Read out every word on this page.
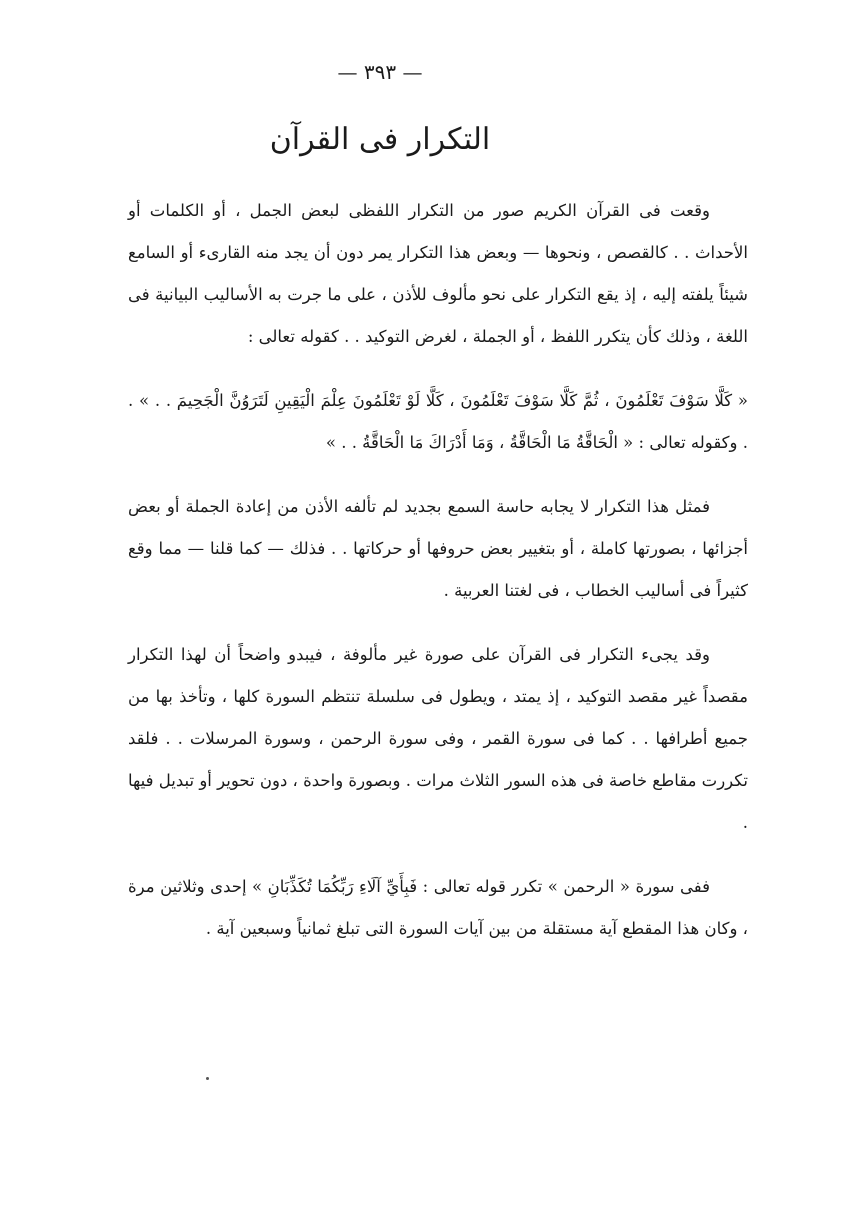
— ٣٩٣ —
التكرار فى القرآن

وقعت فى القرآن الكريم صور من التكرار اللفظى لبعض الجمل ، أو الكلمات أو الأحداث . . كالقصص ، ونحوها — وبعض هذا التكرار يمر دون أن يجد منه القارىء أو السامع شيئاً يلفته إليه ، إذ يقع التكرار على نحو مألوف للأذن ، على ما جرت به الأساليب البيانية فى اللغة ، وذلك كأن يتكرر اللفظ ، أو الجملة ، لغرض التوكيد . . كقوله تعالى :

« كَلَّا سَوْفَ تَعْلَمُونَ ، ثُمَّ كَلَّا سَوْفَ تَعْلَمُونَ ، كَلَّا لَوْ تَعْلَمُونَ عِلْمَ الْيَقِينِ لَتَرَوُنَّ الْجَحِيمَ . . » . . وكقوله تعالى : « الْحَاقَّةُ مَا الْحَاقَّةُ ، وَمَا أَدْرَاكَ مَا الْحَاقَّةُ . . »

فمثل هذا التكرار لا يجابه حاسة السمع بجديد لم تألفه الأذن من إعادة الجملة أو بعض أجزائها ، بصورتها كاملة ، أو بتغيير بعض حروفها أو حركاتها . . فذلك — كما قلنا — مما وقع كثيراً فى أساليب الخطاب ، فى لغتنا العربية .

وقد يجىء التكرار فى القرآن على صورة غير مألوفة ، فيبدو واضحاً أن لهذا التكرار مقصداً غير مقصد التوكيد ، إذ يمتد ، ويطول فى سلسلة تنتظم السورة كلها ، وتأخذ بها من جميع أطرافها . . كما فى سورة القمر ، وفى سورة الرحمن ، وسورة المرسلات . . فلقد تكررت مقاطع خاصة فى هذه السور الثلاث مرات . وبصورة واحدة ، دون تحوير أو تبديل فيها .

ففى سورة « الرحمن » تكرر قوله تعالى : فَبِأَيِّ آلَاءِ رَبِّكُمَا تُكَذِّبَانِ » إحدى وثلاثين مرة ، وكان هذا المقطع آية مستقلة من بين آيات السورة التى تبلغ ثمانياً وسبعين آية .
